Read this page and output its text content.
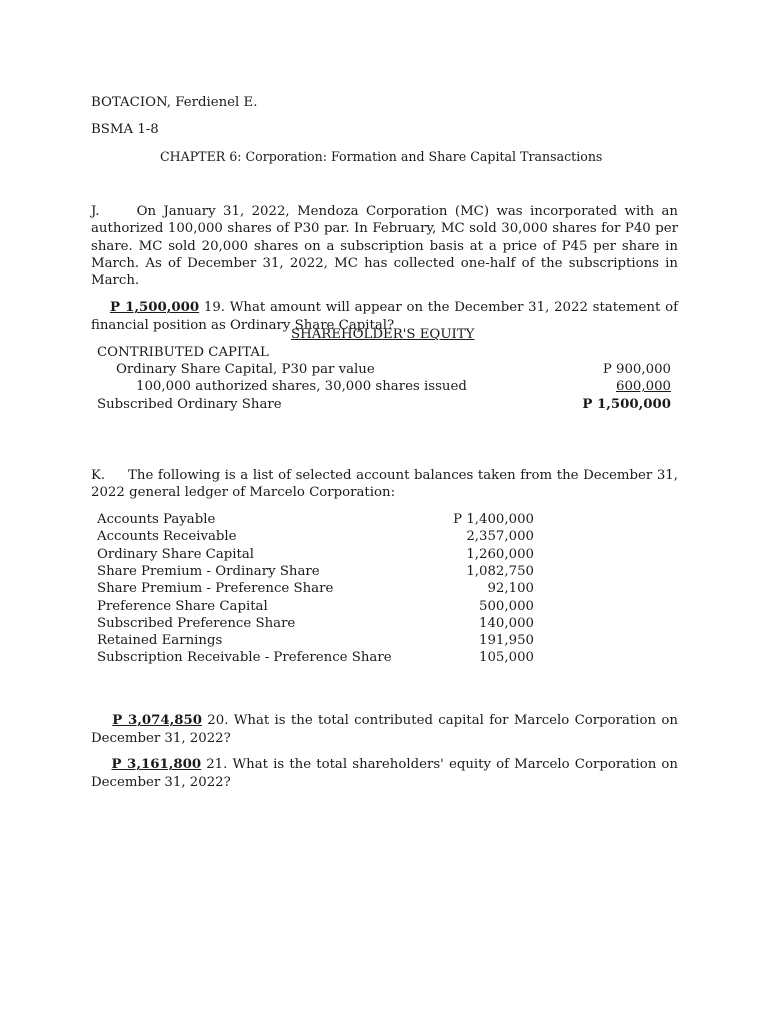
BOTACION, Ferdienel E.
BSMA 1-8
CHAPTER 6: Corporation: Formation and Share Capital Transactions
J.     On January 31, 2022, Mendoza Corporation (MC) was incorporated with an authorized 100,000 shares of P30 par. In February, MC sold 30,000 shares for P40 per share. MC sold 20,000 shares on a subscription basis at a price of P45 per share in March. As of December 31, 2022, MC has collected one-half of the subscriptions in March.

P 1,500,000 19. What amount will appear on the December 31, 2022 statement of financial position as Ordinary Share Capital?

SHAREHOLDER'S EQUITY
CONTRIBUTED CAPITAL
Ordinary Share Capital, P30 par value	P 900,000
100,000 authorized shares, 30,000 shares issued	600,000
Subscribed Ordinary Share	P 1,500,000
K.     The following is a list of selected account balances taken from the December 31, 2022 general ledger of Marcelo Corporation:
Accounts Payable	P 1,400,000
Accounts Receivable	2,357,000
Ordinary Share Capital	1,260,000
Share Premium - Ordinary Share	1,082,750
Share Premium - Preference Share	92,100
Preference Share Capital	500,000
Subscribed Preference Share	140,000
Retained Earnings	191,950
Subscription Receivable - Preference Share	105,000

P 3,074,850 20. What is the total contributed capital for Marcelo Corporation on December 31, 2022?

P 3,161,800 21. What is the total shareholders' equity of Marcelo Corporation on December 31, 2022?
